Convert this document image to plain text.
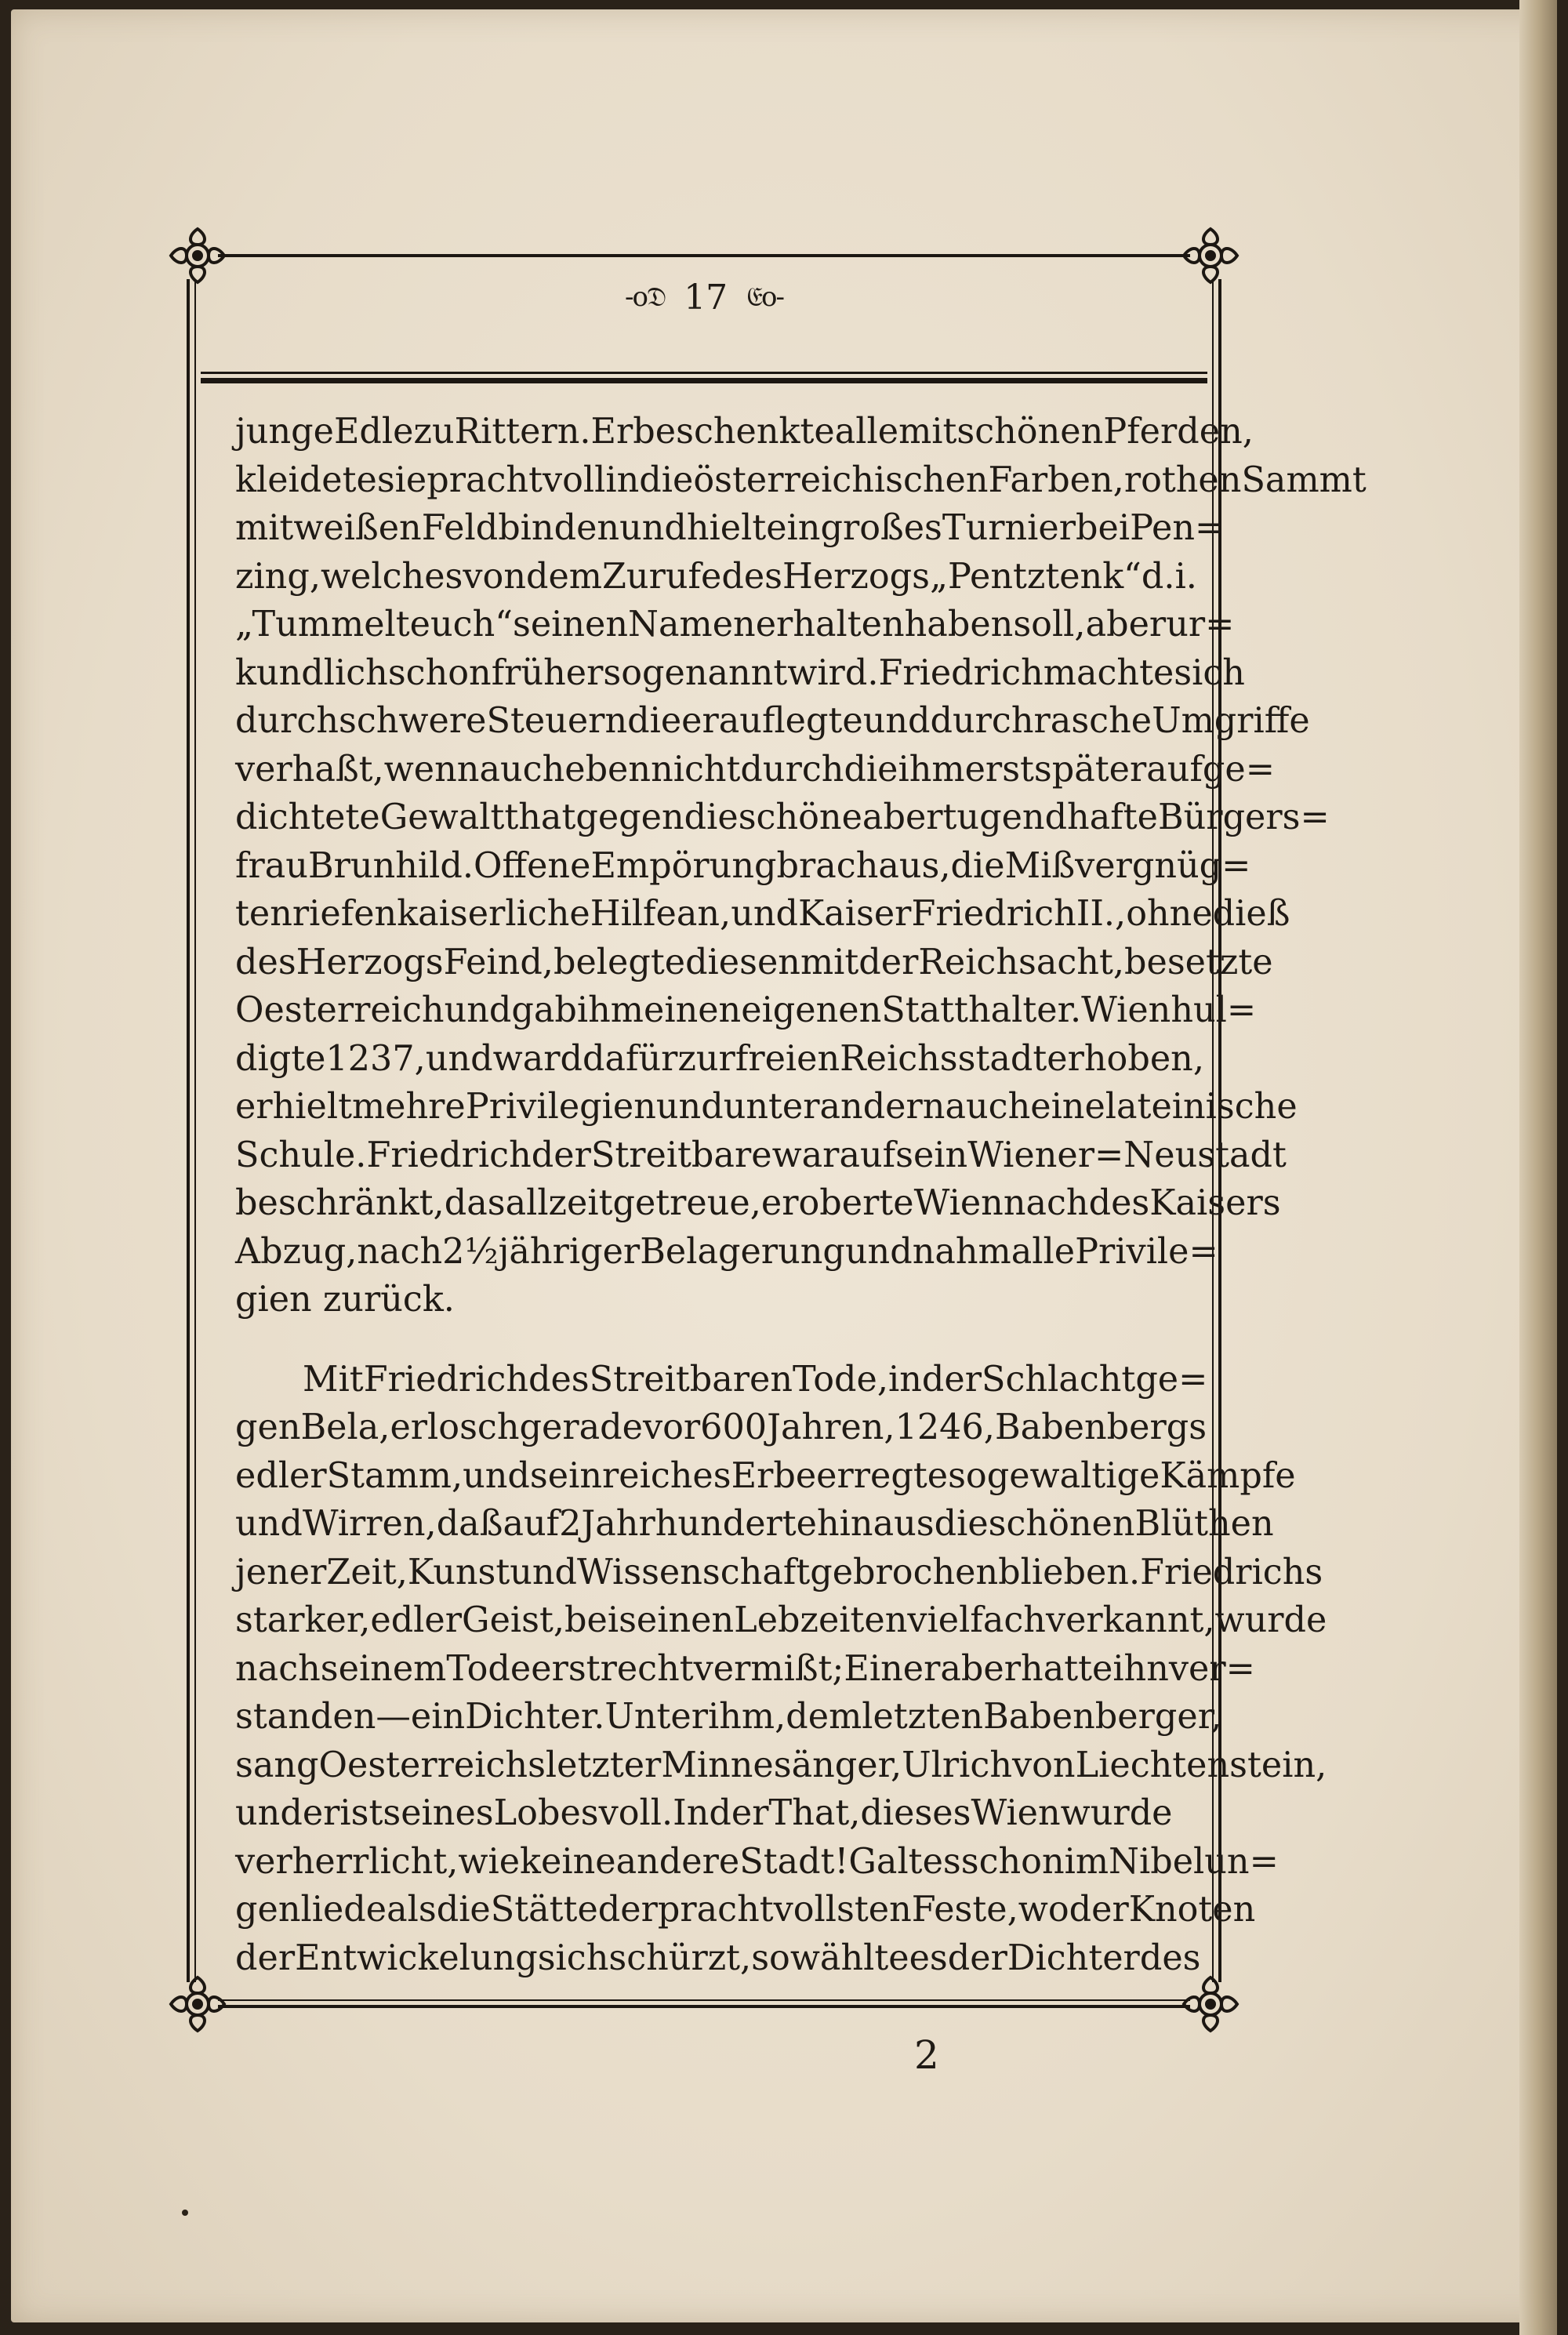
-o𝔇 17 𝔈o-
junge Edle zu Rittern. Er beschenkte alle mit schönen Pferden,
kleidete sie prachtvoll in die österreichischen Farben, rothen Sammt
mit weißen Feldbinden und hielt ein großes Turnier bei Pen=
zing, welches von dem Zurufe des Herzogs „Pentzt enk“ d. i.
„Tummelt euch“ seinen Namen erhalten haben soll, aber ur=
kundlich schon früher so genannt wird. Friedrich machte sich
durch schwere Steuern die er auflegte und durch rasche Umgriffe
verhaßt, wenn auch eben nicht durch die ihm erst später aufge=
dichtete Gewaltthat gegen die schöne aber tugendhafte Bürgers=
frau Brunhild. Offene Empörung brach aus, die Mißvergnüg=
ten riefen kaiserliche Hilfe an, und Kaiser Friedrich II., ohnedieß
des Herzogs Feind, belegte diesen mit der Reichsacht, besetzte
Oesterreich und gab ihm einen eigenen Statthalter. Wien hul=
digte 1237, und ward dafür zur freien Reichsstadt erhoben,
erhielt mehre Privilegien und unter andern auch eine lateinische
Schule. Friedrich der Streitbare war auf sein Wiener=Neustadt
beschränkt, das allzeit getreue, eroberte Wien nach des Kaisers
Abzug, nach 2½ jähriger Belagerung und nahm alle Privile=
gien zurück.
Mit Friedrich des Streitbaren Tode, in der Schlacht ge=
gen Bela, erlosch gerade vor 600 Jahren, 1246, Babenbergs
edler Stamm, und sein reiches Erbe erregte so gewaltige Kämpfe
und Wirren, daß auf 2 Jahrhunderte hinaus die schönen Blüthen
jener Zeit, Kunst und Wissenschaft gebrochen blieben. Friedrichs
starker, edler Geist, bei seinen Lebzeiten vielfach verkannt, wurde
nach seinem Tode erst recht vermißt; Einer aber hatte ihn ver=
standen — ein Dichter. Unter ihm, dem letzten Babenberger,
sang Oesterreichs letzter Minnesänger, Ulrich von Liechtenstein,
und er ist seines Lobes voll. In der That, dieses Wien wurde
verherrlicht, wie keine andere Stadt! Galt es schon im Nibelun=
genliede als die Stätte der prachtvollsten Feste, wo der Knoten
der Entwickelung sich schürzt, so wählte es der Dichter des
2
